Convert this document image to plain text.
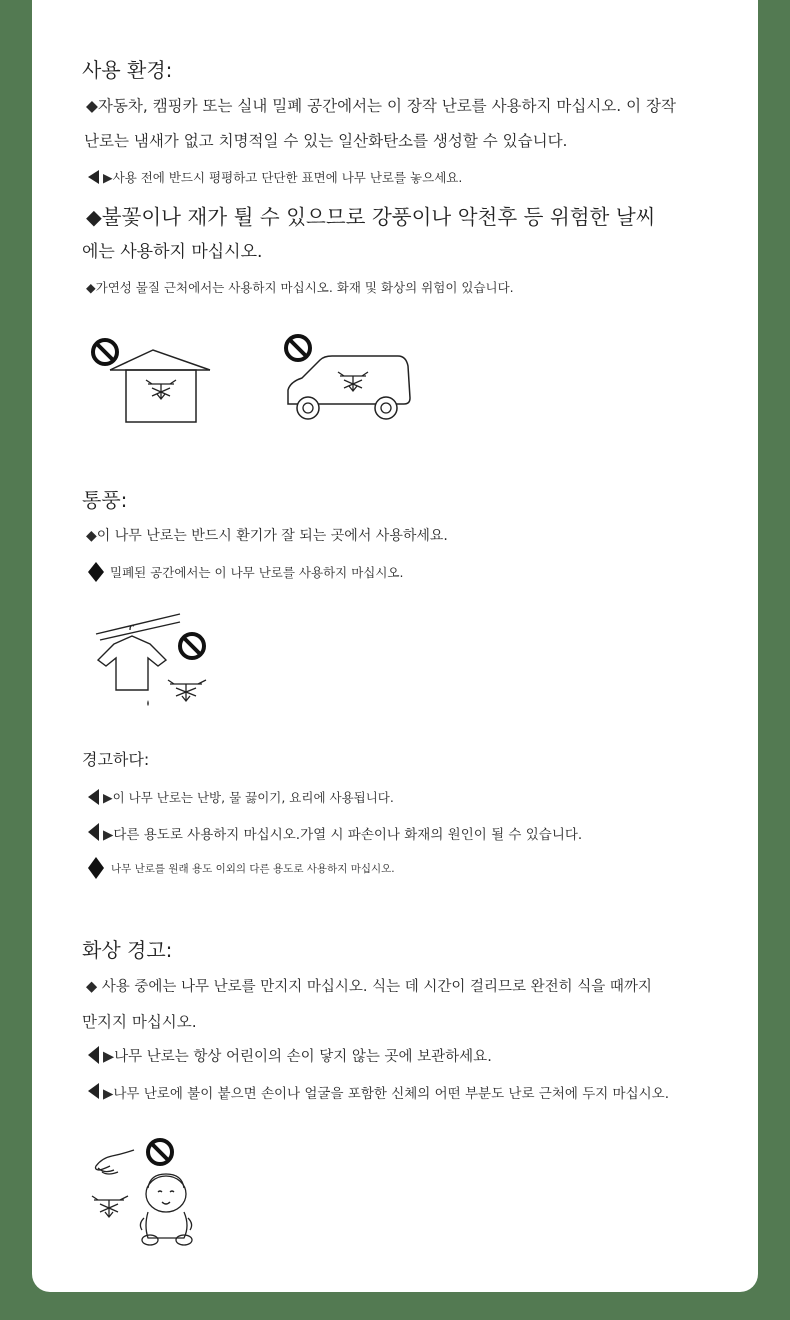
사용 환경:
◆자동차, 캠핑카 또는 실내 밀폐 공간에서는 이 장작 난로를 사용하지 마십시오. 이 장작
난로는 냄새가 없고 치명적일 수 있는 일산화탄소를 생성할 수 있습니다.
▶사용 전에 반드시 평평하고 단단한 표면에 나무 난로를 놓으세요.
◆불꽃이나 재가 튈 수 있으므로 강풍이나 악천후 등 위험한 날씨
에는 사용하지 마십시오.
◆가연성 물질 근처에서는 사용하지 마십시오. 화재 및 화상의 위험이 있습니다.
통풍:
◆이 나무 난로는 반드시 환기가 잘 되는 곳에서 사용하세요.
밀폐된 공간에서는 이 나무 난로를 사용하지 마십시오.
경고하다:
▶이 나무 난로는 난방, 물 끓이기, 요리에 사용됩니다.
▶다른 용도로 사용하지 마십시오.가열 시 파손이나 화재의 원인이 될 수 있습니다.
나무 난로를 원래 용도 이외의 다른 용도로 사용하지 마십시오.
화상 경고:
◆ 사용 중에는 나무 난로를 만지지 마십시오. 식는 데 시간이 걸리므로 완전히 식을 때까지
만지지 마십시오.
▶나무 난로는 항상 어린이의 손이 닿지 않는 곳에 보관하세요.
▶나무 난로에 불이 붙으면 손이나 얼굴을 포함한 신체의 어떤 부분도 난로 근처에 두지 마십시오.
